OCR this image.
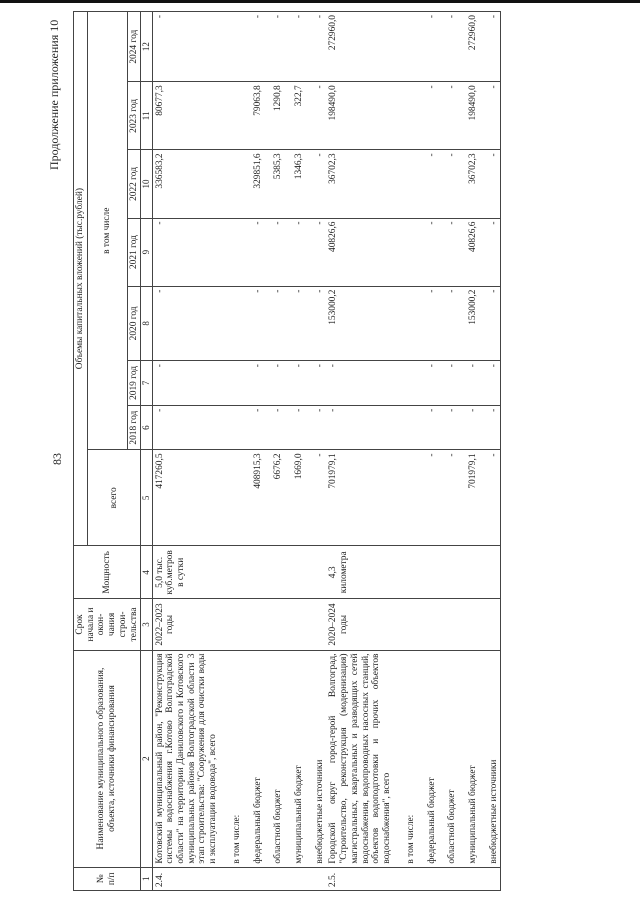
83
Продолжение приложения 10
№ п/п	Наименование муниципального образования, объекта, источники финансирования	Срок начала и окон-чания строи-тельства	Мощность	Объемы капитальных вложений (тыс.рублей)							
				всего	в том числе						
					2018 год	2019 год	2020 год	2021 год	2022 год	2023 год	2024 год
1	2	3	4	5	6	7	8	9	10	11	12
2.4.	Котовский муниципальный район, "Реконструкция системы водоснабжения г.Котово Волгоградской области" на территории Даниловского и Котовского муниципальных районов Волгоградской области 3 этап строительства: "Сооружения для очистки воды и эксплуатации водовода", всего	2022–2023 годы	5,0 тыс. куб.метров в сутки	417260,5	-	-	-	-	336583,2	80677,3	-
	в том числе:										
	федеральный бюджет			408915,3	-	-	-	-	329851,6	79063,8	-
	областной бюджет			6676,2	-	-	-	-	5385,3	1290,8	-
	муниципальный бюджет			1669,0	-	-	-	-	1346,3	322,7	-
	внебюджетные источники			-	-	-	-	-	-	-	-
2.5.	Городской округ город-герой Волгоград, "Строительство, реконструкция (модернизация) магистральных, квартальных и разводящих сетей водоснабжения, водопроводных насосных станций, объектов водоподготовки и прочих объектов водоснабжения", всего	2020–2024 годы	4,3 километра	701979,1	-	-	153000,2	40826,6	36702,3	198490,0	272960,0
	в том числе:										
	федеральный бюджет			-	-	-	-	-	-	-	-
	областной бюджет			-	-	-	-	-	-	-	-
	муниципальный бюджет			701979,1	-	-	153000,2	40826,6	36702,3	198490,0	272960,0
	внебюджетные источники			-	-	-	-	-	-	-	-
